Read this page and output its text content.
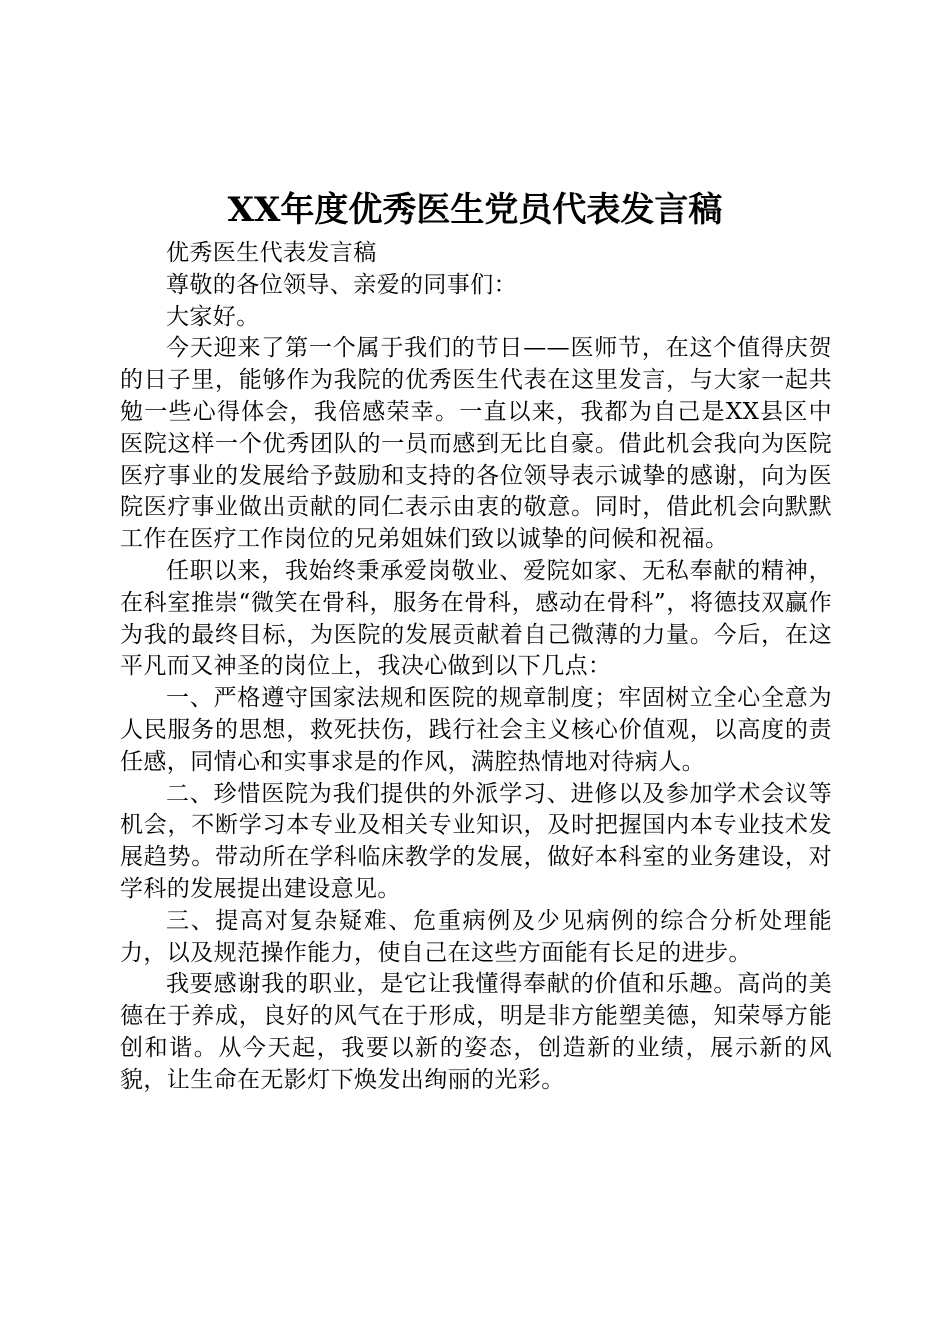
XX年度优秀医生党员代表发言稿

优秀医生代表发言稿

尊敬的各位领导、亲爱的同事们：

大家好。

今天迎来了第一个属于我们的节日——医师节，在这个值得庆贺的日子里，能够作为我院的优秀医生代表在这里发言，与大家一起共勉一些心得体会，我倍感荣幸。一直以来，我都为自己是XX县区中医院这样一个优秀团队的一员而感到无比自豪。借此机会我向为医院医疗事业的发展给予鼓励和支持的各位领导表示诚挚的感谢，向为医院医疗事业做出贡献的同仁表示由衷的敬意。同时，借此机会向默默工作在医疗工作岗位的兄弟姐妹们致以诚挚的问候和祝福。

任职以来，我始终秉承爱岗敬业、爱院如家、无私奉献的精神，在科室推崇“微笑在骨科，服务在骨科，感动在骨科”，将德技双赢作为我的最终目标，为医院的发展贡献着自己微薄的力量。今后，在这平凡而又神圣的岗位上，我决心做到以下几点：

一、严格遵守国家法规和医院的规章制度；牢固树立全心全意为人民服务的思想，救死扶伤，践行社会主义核心价值观，以高度的责任感，同情心和实事求是的作风，满腔热情地对待病人。

二、珍惜医院为我们提供的外派学习、进修以及参加学术会议等机会，不断学习本专业及相关专业知识，及时把握国内本专业技术发展趋势。带动所在学科临床教学的发展，做好本科室的业务建设，对学科的发展提出建设意见。

三、提高对复杂疑难、危重病例及少见病例的综合分析处理能力，以及规范操作能力，使自己在这些方面能有长足的进步。

我要感谢我的职业，是它让我懂得奉献的价值和乐趣。高尚的美德在于养成，良好的风气在于形成，明是非方能塑美德，知荣辱方能创和谐。从今天起，我要以新的姿态，创造新的业绩，展示新的风貌，让生命在无影灯下焕发出绚丽的光彩。
